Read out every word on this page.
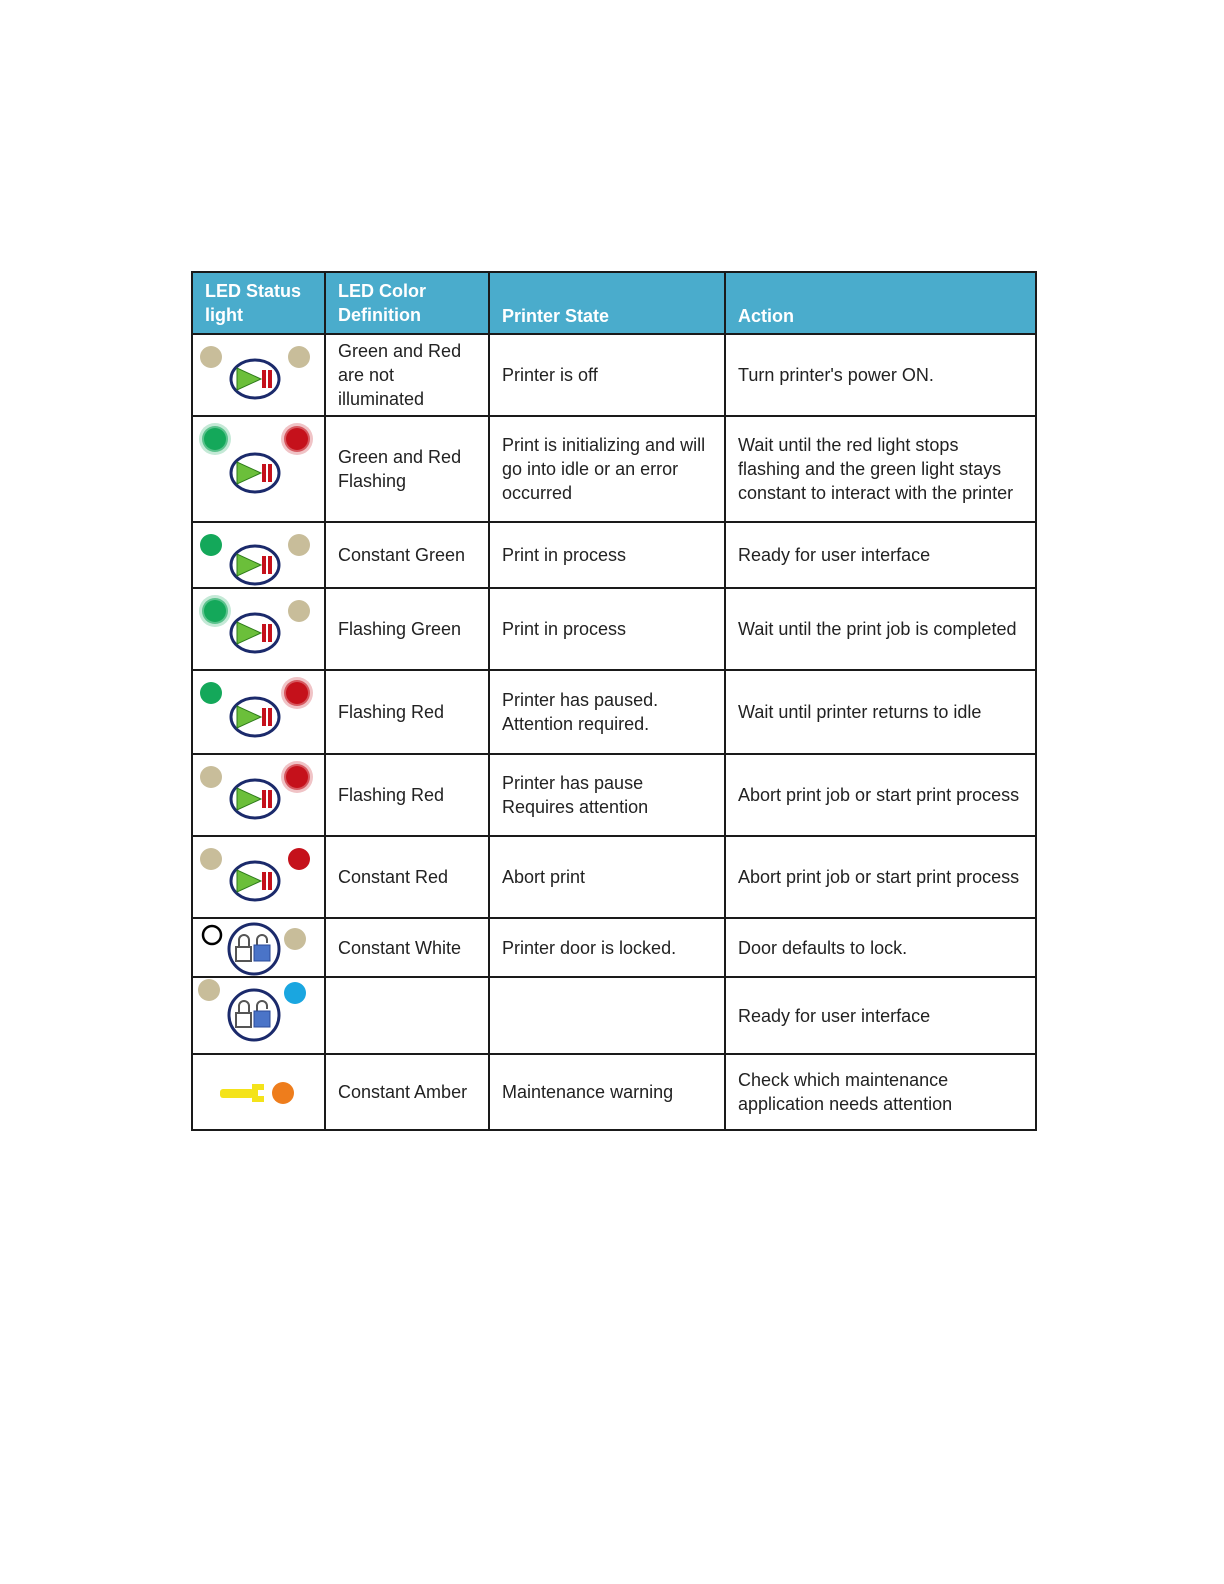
LED Status light	LED Color Definition	Printer State	Action

	Green and Red are not illuminated	Printer is off	Turn printer's power ON.

	Green and Red Flashing	Print is initializing and will go into idle or an error occurred	Wait until the red light stops flashing and the green light stays constant to interact with the printer

	Constant Green	Print in process	Ready for user interface

	Flashing Green	Print in process	Wait until the print job is completed

	Flashing Red	Printer has paused. Attention required.	Wait until printer returns to idle

	Flashing Red	Printer has pause Requires attention	Abort print job or start print process

	Constant Red	Abort print	Abort print job or start print process

	Constant White	Printer door is locked.	Door defaults to lock.

			Ready for user interface

	Constant Amber	Maintenance warning	Check which maintenance application needs attention
